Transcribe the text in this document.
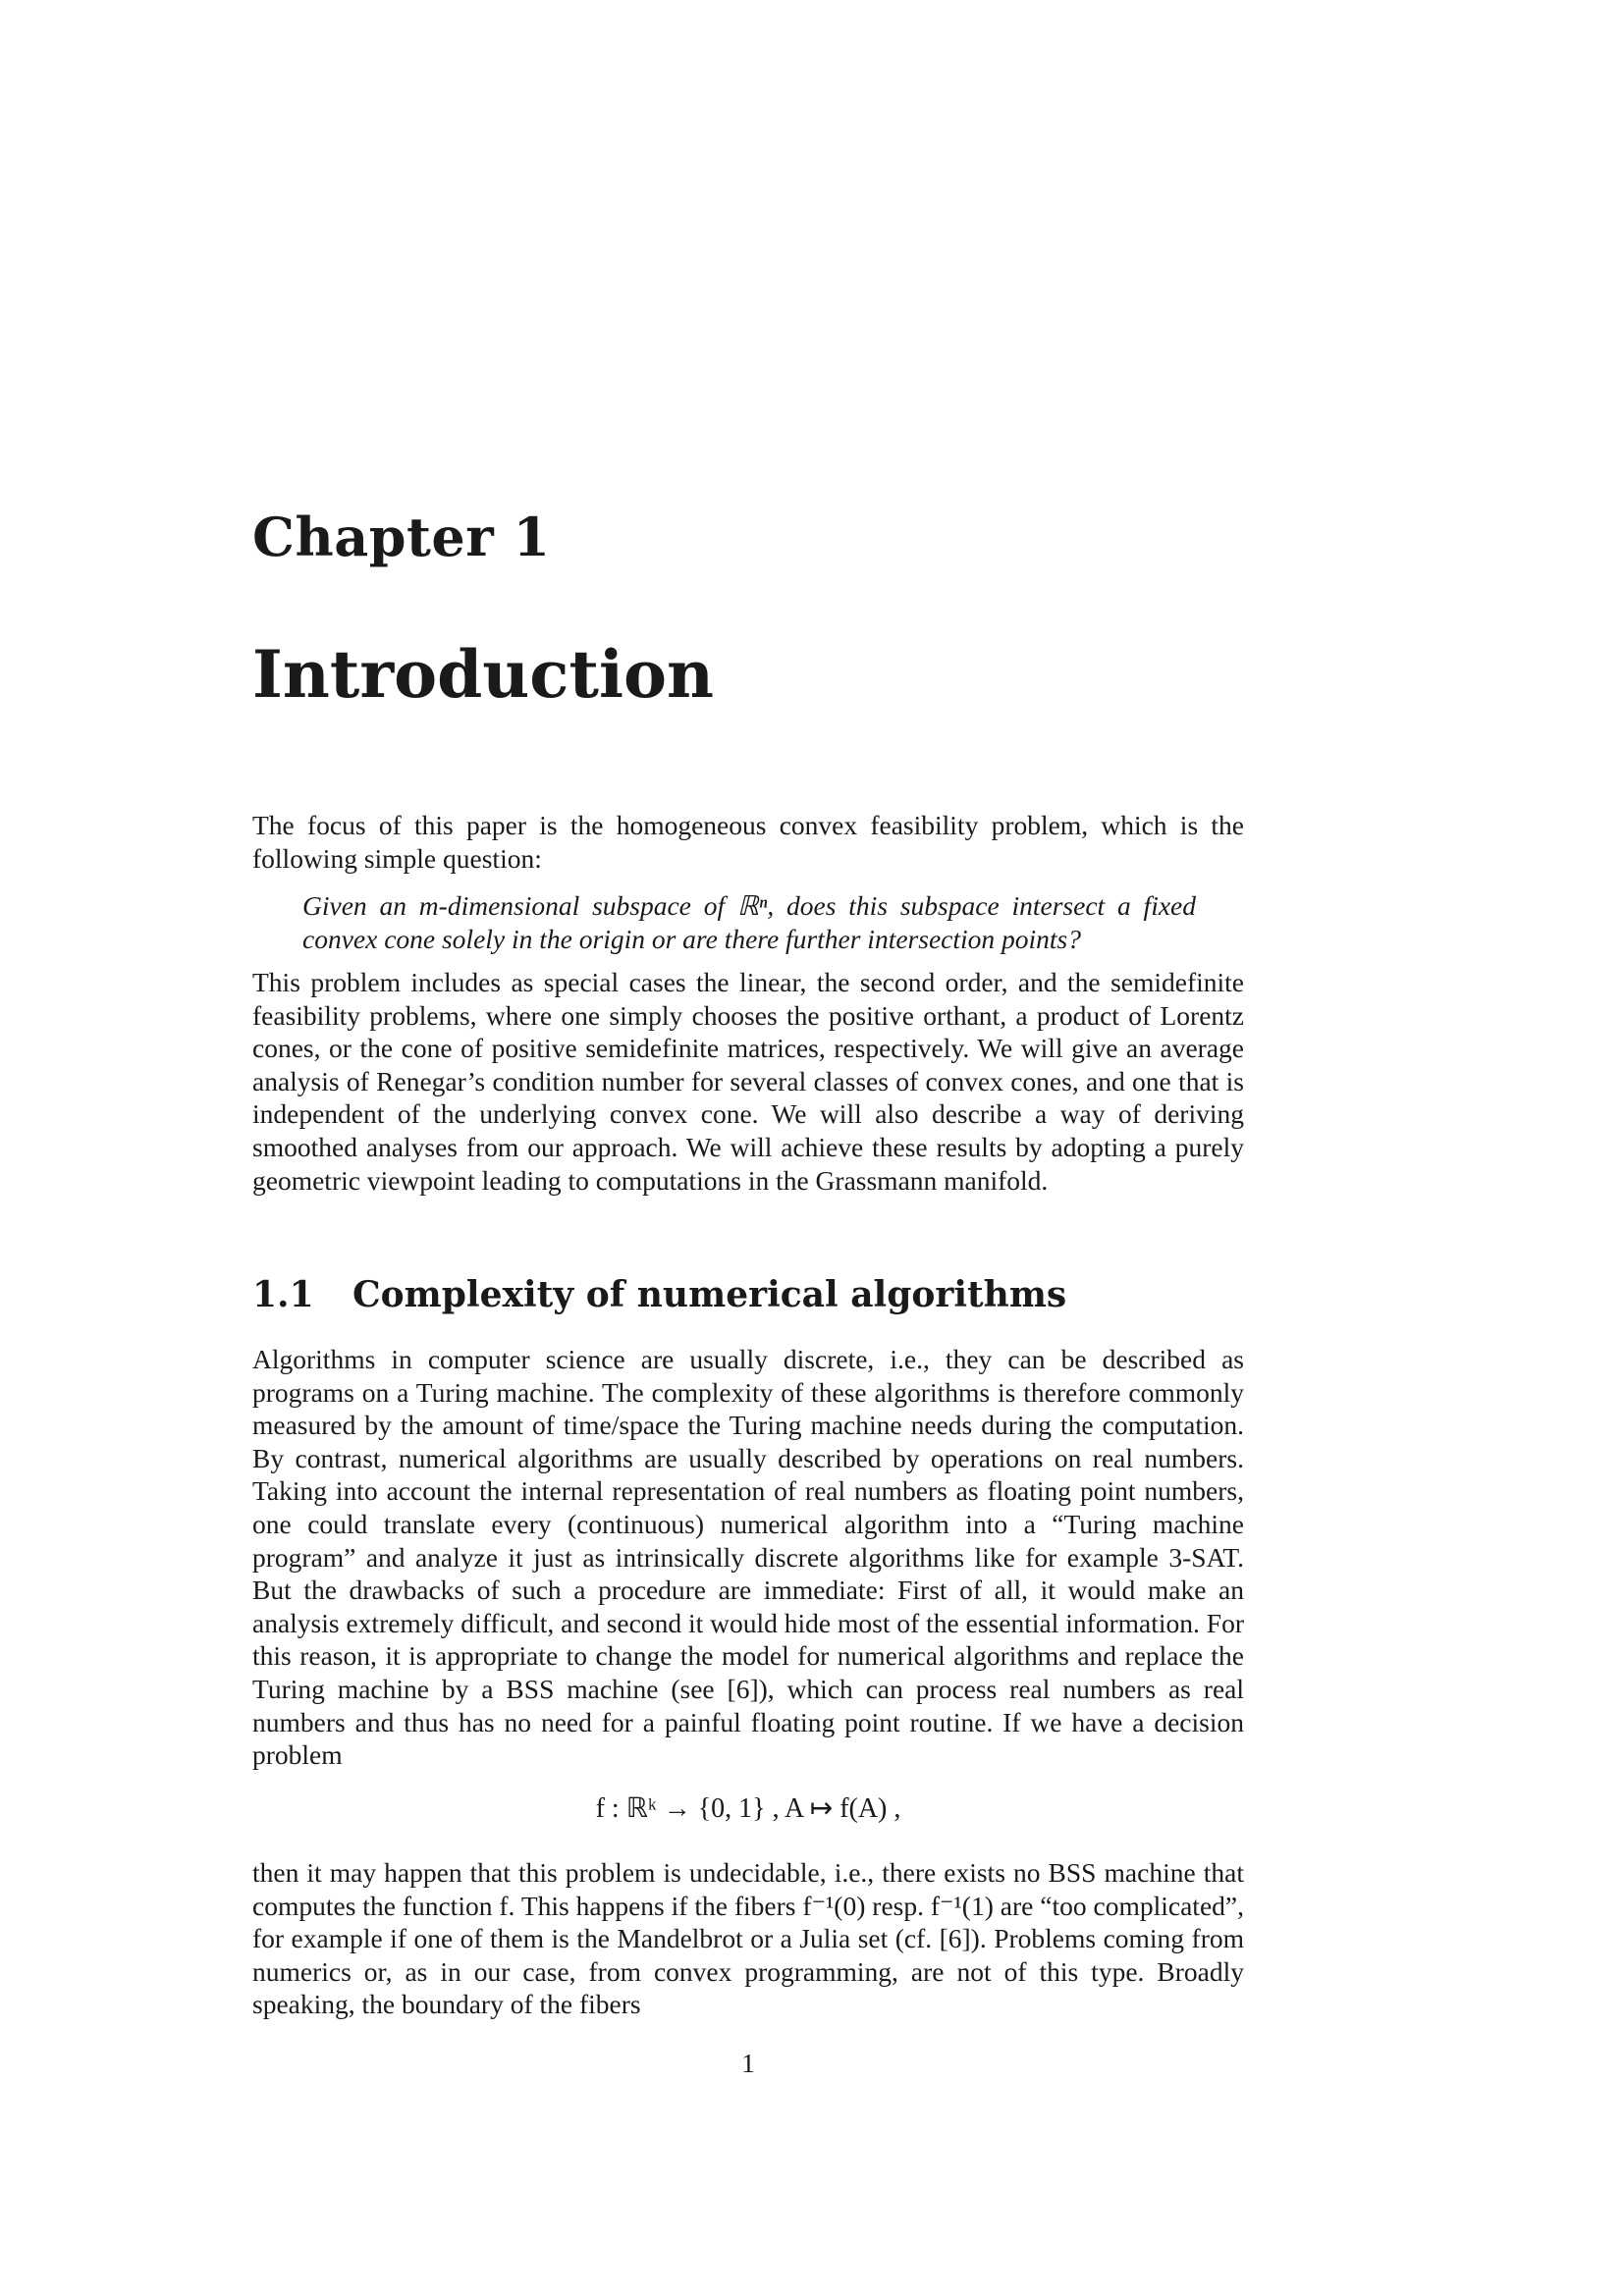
Chapter 1
Introduction

The focus of this paper is the homogeneous convex feasibility problem, which is the following simple question:

Given an m-dimensional subspace of ℝⁿ, does this subspace intersect a fixed convex cone solely in the origin or are there further intersection points?

This problem includes as special cases the linear, the second order, and the semidefinite feasibility problems, where one simply chooses the positive orthant, a product of Lorentz cones, or the cone of positive semidefinite matrices, respectively. We will give an average analysis of Renegar’s condition number for several classes of convex cones, and one that is independent of the underlying convex cone. We will also describe a way of deriving smoothed analyses from our approach. We will achieve these results by adopting a purely geometric viewpoint leading to computations in the Grassmann manifold.

1.1 Complexity of numerical algorithms

Algorithms in computer science are usually discrete, i.e., they can be described as programs on a Turing machine. The complexity of these algorithms is therefore commonly measured by the amount of time/space the Turing machine needs during the computation. By contrast, numerical algorithms are usually described by operations on real numbers. Taking into account the internal representation of real numbers as floating point numbers, one could translate every (continuous) numerical algorithm into a “Turing machine program” and analyze it just as intrinsically discrete algorithms like for example 3-SAT. But the drawbacks of such a procedure are immediate: First of all, it would make an analysis extremely difficult, and second it would hide most of the essential information. For this reason, it is appropriate to change the model for numerical algorithms and replace the Turing machine by a BSS machine (see [6]), which can process real numbers as real numbers and thus has no need for a painful floating point routine. If we have a decision problem

f : ℝᵏ → {0, 1} , A ↦ f(A) ,

then it may happen that this problem is undecidable, i.e., there exists no BSS machine that computes the function f. This happens if the fibers f⁻¹(0) resp. f⁻¹(1) are “too complicated”, for example if one of them is the Mandelbrot or a Julia set (cf. [6]). Problems coming from numerics or, as in our case, from convex programming, are not of this type. Broadly speaking, the boundary of the fibers

1
